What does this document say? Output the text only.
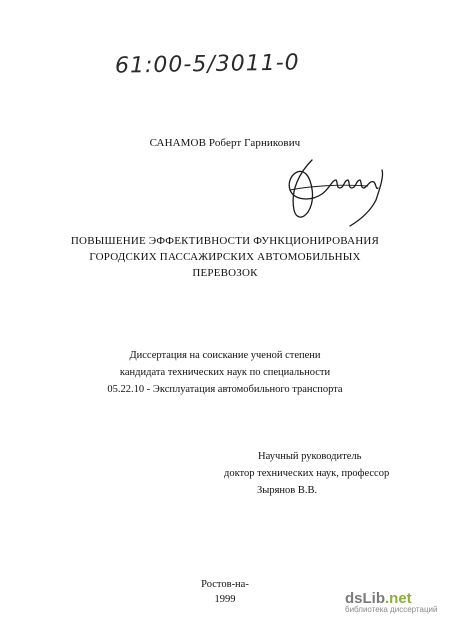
61:00-5/3011-0
САНАМОВ Роберт Гарникович
ПОВЫШЕНИЕ ЭФФЕКТИВНОСТИ ФУНКЦИОНИРОВАНИЯ
ГОРОДСКИХ ПАССАЖИРСКИХ АВТОМОБИЛЬНЫХ
ПЕРЕВОЗОК
Диссертация на соискание ученой степени
кандидата технических наук по специальности
05.22.10 - Эксплуатация автомобильного транспорта
Научный руководитель
доктор технических наук, профессор
Зырянов В.В.
Ростов-на-
1999	dsLib .net
библиотека диссертаций
